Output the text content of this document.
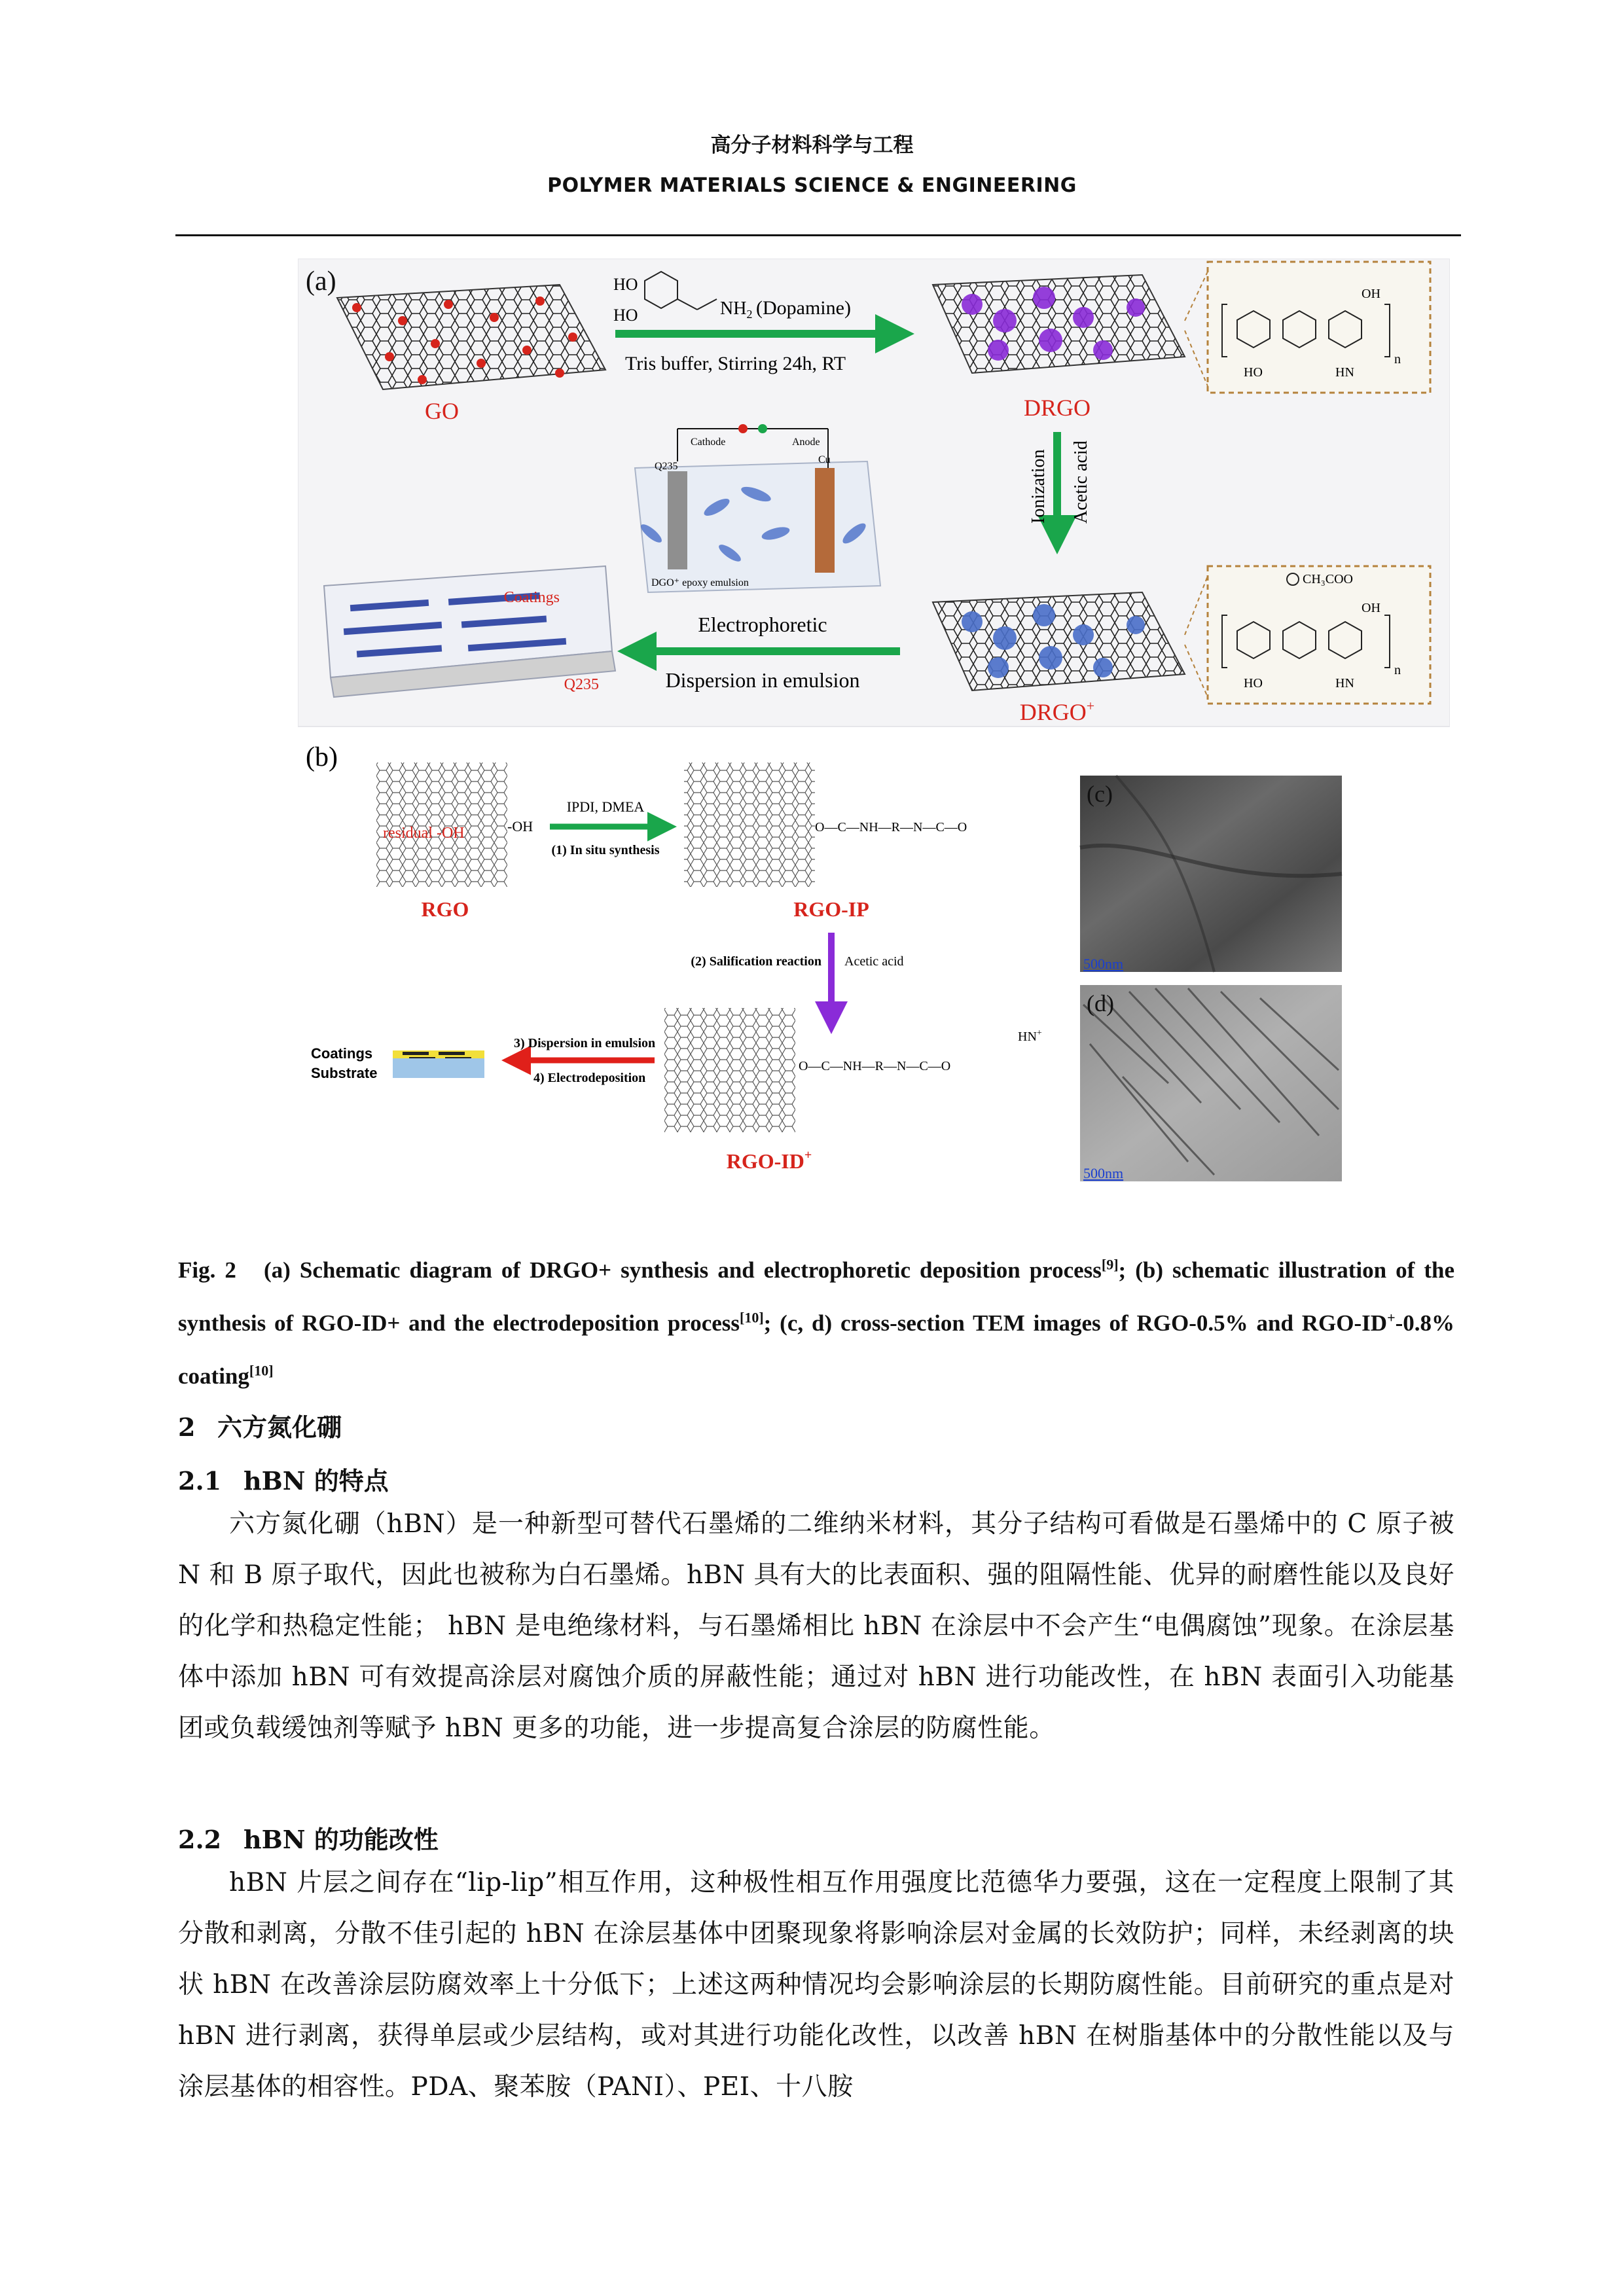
高分子材料科学与工程
POLYMER MATERIALS SCIENCE & ENGINEERING
(a)
GO
HO
HO	$NH_2$ (Dopamine)
Tris buffer, Stirring 24h, RT
DRGO
OH
HO	HN
n
Ionization Acetic acid
Cathode	Anode
Q235
Cu
DGO⁺ epoxy emulsion
Coatings
Q235
Electrophoretic
Dispersion in emulsion
DRGO+
CH₃COO
OH
HO	HN
n
(b)
residual -OH	-OH
RGO
IPDI, DMEA
(1) In situ synthesis
O—C—NH—R—N—C—O
RGO-IP
(2) Salification reaction Acetic acid
Coatings
Substrate
3) Dispersion in emulsion
4) Electrodeposition
O—C—NH—R—N—C—O
HN+
RGO-ID+
(c)
500nm
(d)
500nm
Fig. 2 (a) Schematic diagram of DRGO+ synthesis and electrophoretic deposition process[9]; (b) schematic illustration of the synthesis of RGO-ID+ and the electrodeposition process[10]; (c, d) cross-section TEM images of RGO-0.5% and RGO-ID+-0.8% coating[10]
2 六方氮化硼
2.1 hBN 的特点
六方氮化硼（hBN）是一种新型可替代石墨烯的二维纳米材料，其分子结构可看做是石墨烯中的 C 原子被 N 和 B 原子取代，因此也被称为白石墨烯。hBN 具有大的比表面积、强的阻隔性能、优异的耐磨性能以及良好的化学和热稳定性能； hBN 是电绝缘材料，与石墨烯相比 hBN 在涂层中不会产生“电偶腐蚀”现象。在涂层基体中添加 hBN 可有效提高涂层对腐蚀介质的屏蔽性能；通过对 hBN 进行功能改性，在 hBN 表面引入功能基团或负载缓蚀剂等赋予 hBN 更多的功能，进一步提高复合涂层的防腐性能。
2.2 hBN 的功能改性
hBN 片层之间存在“lip-lip”相互作用，这种极性相互作用强度比范德华力要强，这在一定程度上限制了其分散和剥离，分散不佳引起的 hBN 在涂层基体中团聚现象将影响涂层对金属的长效防护；同样，未经剥离的块状 hBN 在改善涂层防腐效率上十分低下；上述这两种情况均会影响涂层的长期防腐性能。目前研究的重点是对 hBN 进行剥离，获得单层或少层结构，或对其进行功能化改性，以改善 hBN 在树脂基体中的分散性能以及与涂层基体的相容性。PDA、聚苯胺（PANI）、PEI、十八胺
